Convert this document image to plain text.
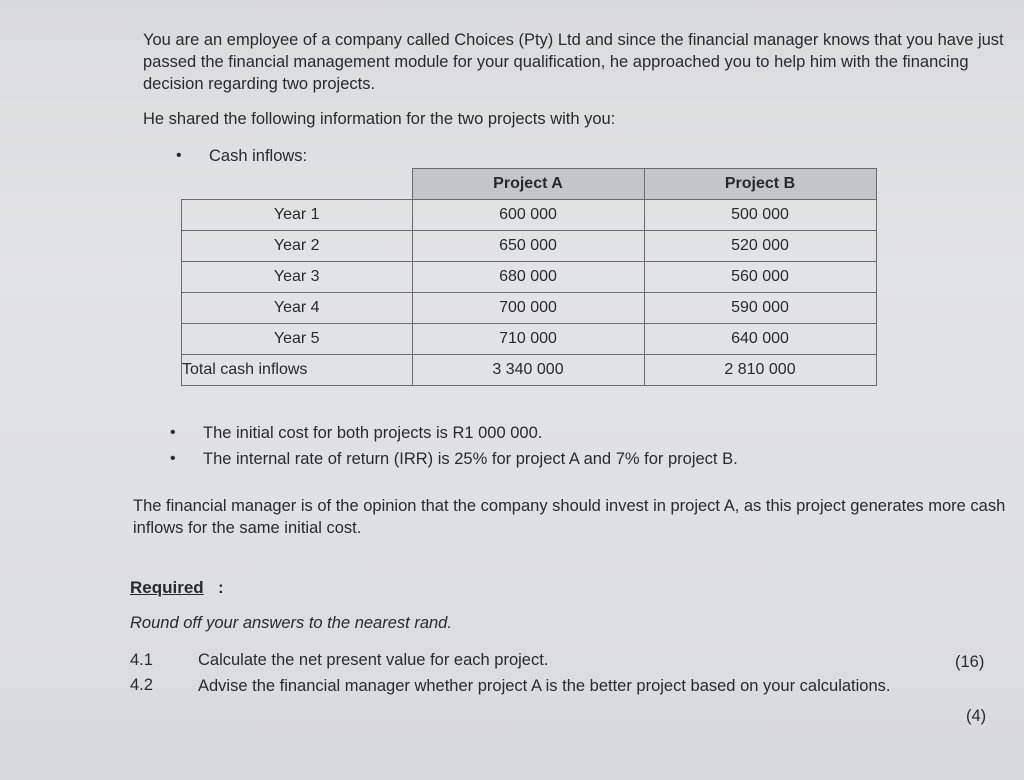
You are an employee of a company called Choices (Pty) Ltd and since the financial manager knows that you have just passed the financial management module for your qualification, he approached you to help him with the financing decision regarding two projects.
He shared the following information for the two projects with you:
• Cash inflows:
	Project A	Project B
Year 1	600 000	500 000
Year 2	650 000	520 000
Year 3	680 000	560 000
Year 4	700 000	590 000
Year 5	710 000	640 000
Total cash inflows	3 340 000	2 810 000
• The initial cost for both projects is R1 000 000.
• The internal rate of return (IRR) is 25% for project A and 7% for project B.
The financial manager is of the opinion that the company should invest in project A, as this project generates more cash inflows for the same initial cost.
Required :
Round off your answers to the nearest rand.
4.1	Calculate the net present value for each project.	(16)
4.2	Advise the financial manager whether project A is the better project based on your calculations.
(4)
